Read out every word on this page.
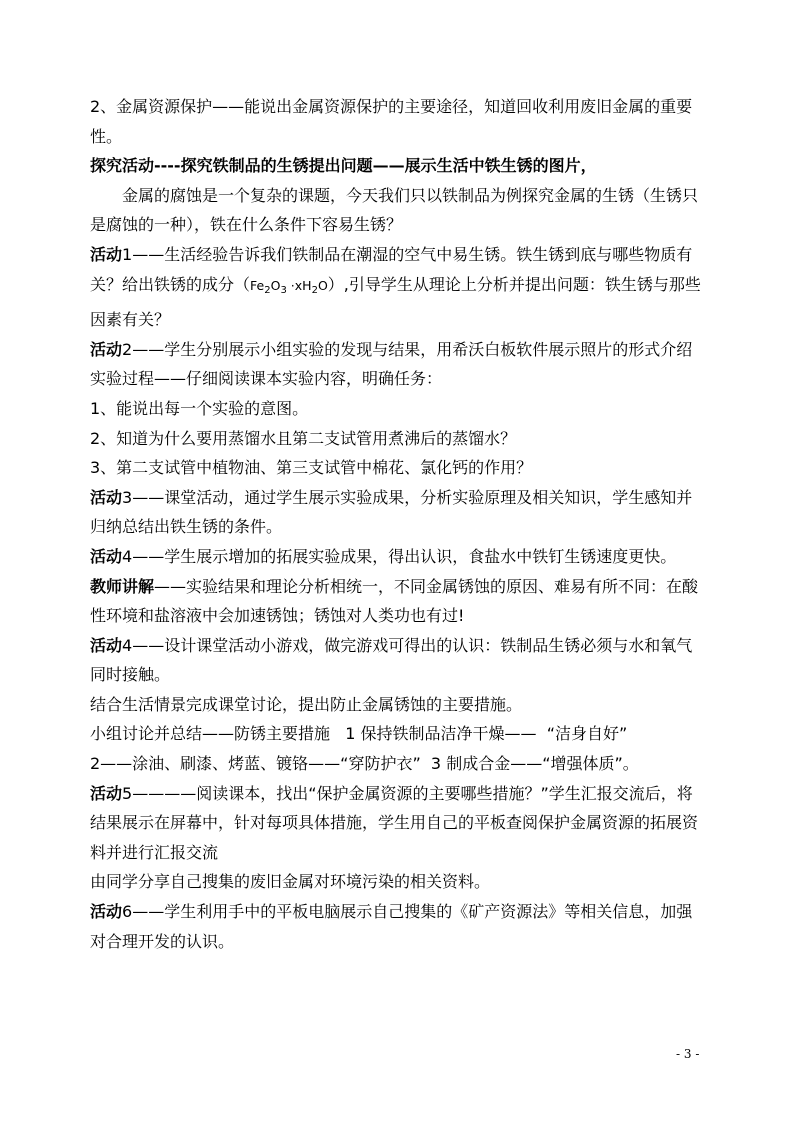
2、金属资源保护——能说出金属资源保护的主要途径，知道回收利用废旧金属的重要性。

探究活动----探究铁制品的生锈提出问题——展示生活中铁生锈的图片，

金属的腐蚀是一个复杂的课题，今天我们只以铁制品为例探究金属的生锈（生锈只是腐蚀的一种），铁在什么条件下容易生锈？

活动1——生活经验告诉我们铁制品在潮湿的空气中易生锈。铁生锈到底与哪些物质有关？给出铁锈的成分$(Fe_2O_3 \cdot xH_2O)$,引导学生从理论上分析并提出问题：铁生锈与那些因素有关？

活动2——学生分别展示小组实验的发现与结果，用希沃白板软件展示照片的形式介绍实验过程——仔细阅读课本实验内容，明确任务：

1、能说出每一个实验的意图。

2、知道为什么要用蒸馏水且第二支试管用煮沸后的蒸馏水？

3、第二支试管中植物油、第三支试管中棉花、氯化钙的作用？

活动3——课堂活动，通过学生展示实验成果，分析实验原理及相关知识，学生感知并归纳总结出铁生锈的条件。

活动4——学生展示增加的拓展实验成果，得出认识，食盐水中铁钉生锈速度更快。

教师讲解——实验结果和理论分析相统一，不同金属锈蚀的原因、难易有所不同：在酸性环境和盐溶液中会加速锈蚀；锈蚀对人类功也有过!

活动4——设计课堂活动小游戏，做完游戏可得出的认识：铁制品生锈必须与水和氧气同时接触。

结合生活情景完成课堂讨论，提出防止金属锈蚀的主要措施。

小组讨论并总结——防锈主要措施   1 保持铁制品洁净干燥——  “洁身自好”

2——涂油、刷漆、烤蓝、镀铬——“穿防护衣”  3 制成合金——“增强体质”。

活动5————阅读课本，找出“保护金属资源的主要哪些措施？”学生汇报交流后，将结果展示在屏幕中，针对每项具体措施，学生用自己的平板查阅保护金属资源的拓展资料并进行汇报交流

由同学分享自己搜集的废旧金属对环境污染的相关资料。

活动6——学生利用手中的平板电脑展示自己搜集的《矿产资源法》等相关信息，加强对合理开发的认识。

- 3 -
